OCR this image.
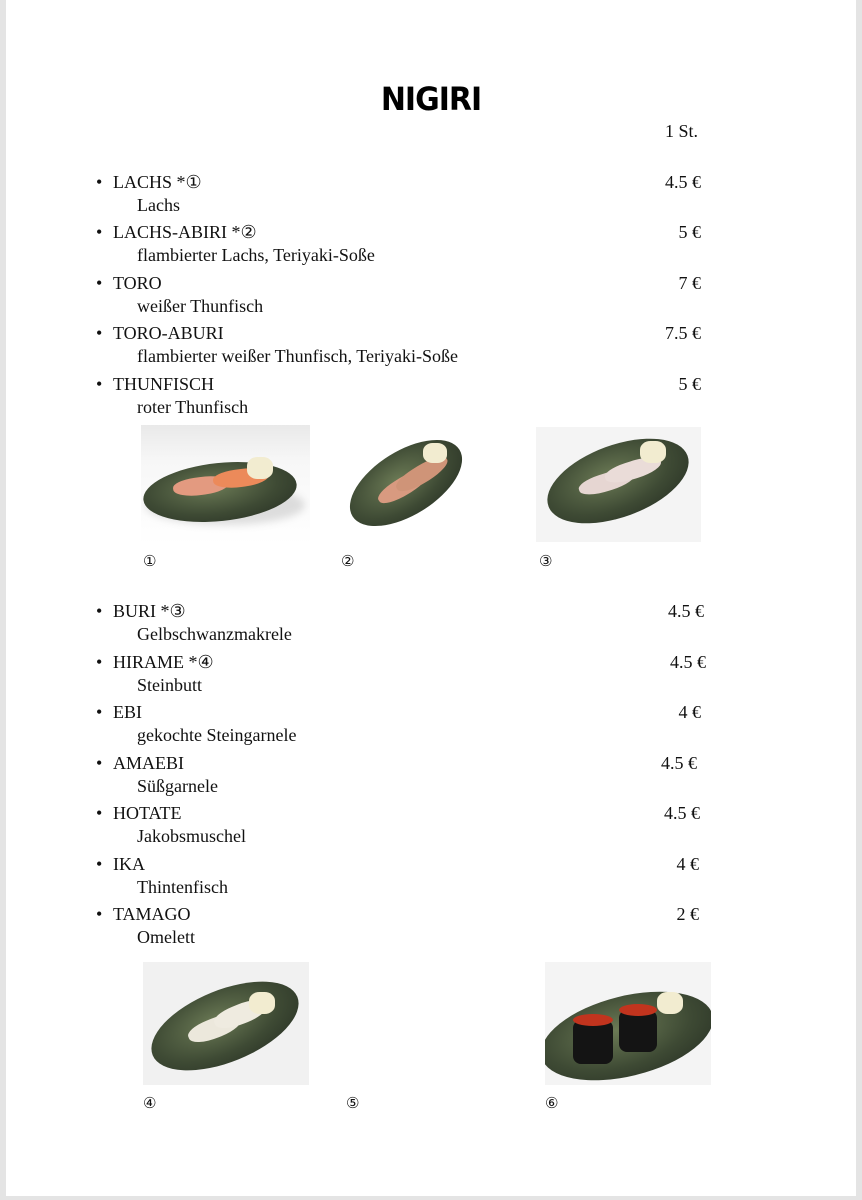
NIGIRI
1 St.
• LACHS *①
Lachs
4.5 €
• LACHS-ABIRI *②
flambierter Lachs, Teriyaki-Soße
5 €
• TORO
weißer Thunfisch
7 €
• TORO-ABURI
flambierter weißer Thunfisch, Teriyaki-Soße
7.5 €
• THUNFISCH
roter Thunfisch
5 €
①	②	③
• BURI *③
Gelbschwanzmakrele
4.5 €
• HIRAME *④
Steinbutt
4.5 €
• EBI
gekochte Steingarnele
4 €
• AMAEBI
Süßgarnele
4.5 €
• HOTATE
Jakobsmuschel
4.5 €
• IKA
Thintenfisch
4 €
• TAMAGO
Omelett
2 €
④	⑤	⑥
